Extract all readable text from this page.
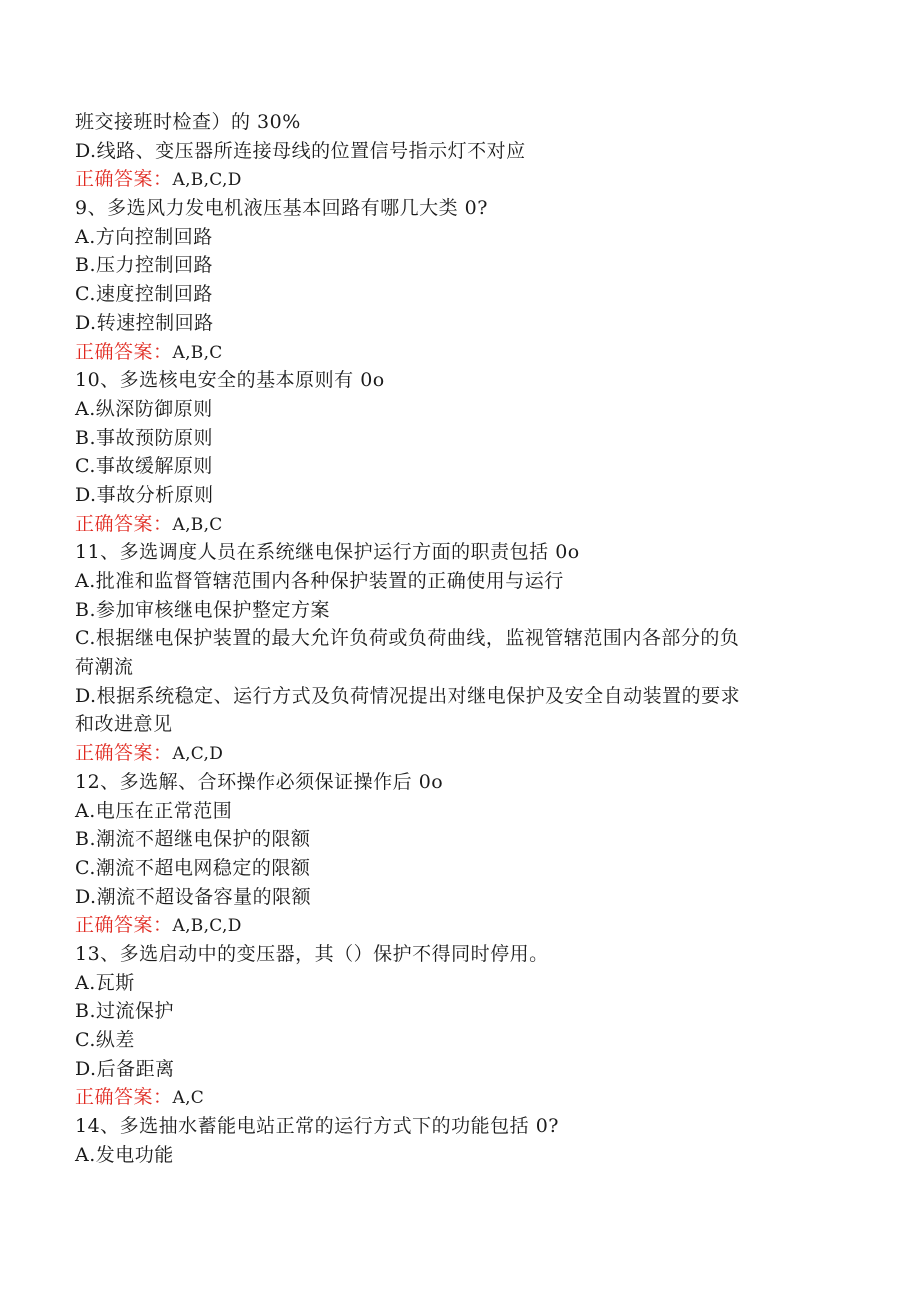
班交接班时检查）的 30%
D.线路、变压器所连接母线的位置信号指示灯不对应
正确答案：A,B,C,D
9、多选风力发电机液压基本回路有哪几大类 0?
A.方向控制回路
B.压力控制回路
C.速度控制回路
D.转速控制回路
正确答案：A,B,C
10、多选核电安全的基本原则有 0o
A.纵深防御原则
B.事故预防原则
C.事故缓解原则
D.事故分析原则
正确答案：A,B,C
11、多选调度人员在系统继电保护运行方面的职责包括 0o
A.批准和监督管辖范围内各种保护装置的正确使用与运行
B.参加审核继电保护整定方案
C.根据继电保护装置的最大允许负荷或负荷曲线，监视管辖范围内各部分的负
荷潮流
D.根据系统稳定、运行方式及负荷情况提出对继电保护及安全自动装置的要求
和改进意见
正确答案：A,C,D
12、多选解、合环操作必须保证操作后 0o
A.电压在正常范围
B.潮流不超继电保护的限额
C.潮流不超电网稳定的限额
D.潮流不超设备容量的限额
正确答案：A,B,C,D
13、多选启动中的变压器，其（）保护不得同时停用。
A.瓦斯
B.过流保护
C.纵差
D.后备距离
正确答案：A,C
14、多选抽水蓄能电站正常的运行方式下的功能包括 0?
A.发电功能
